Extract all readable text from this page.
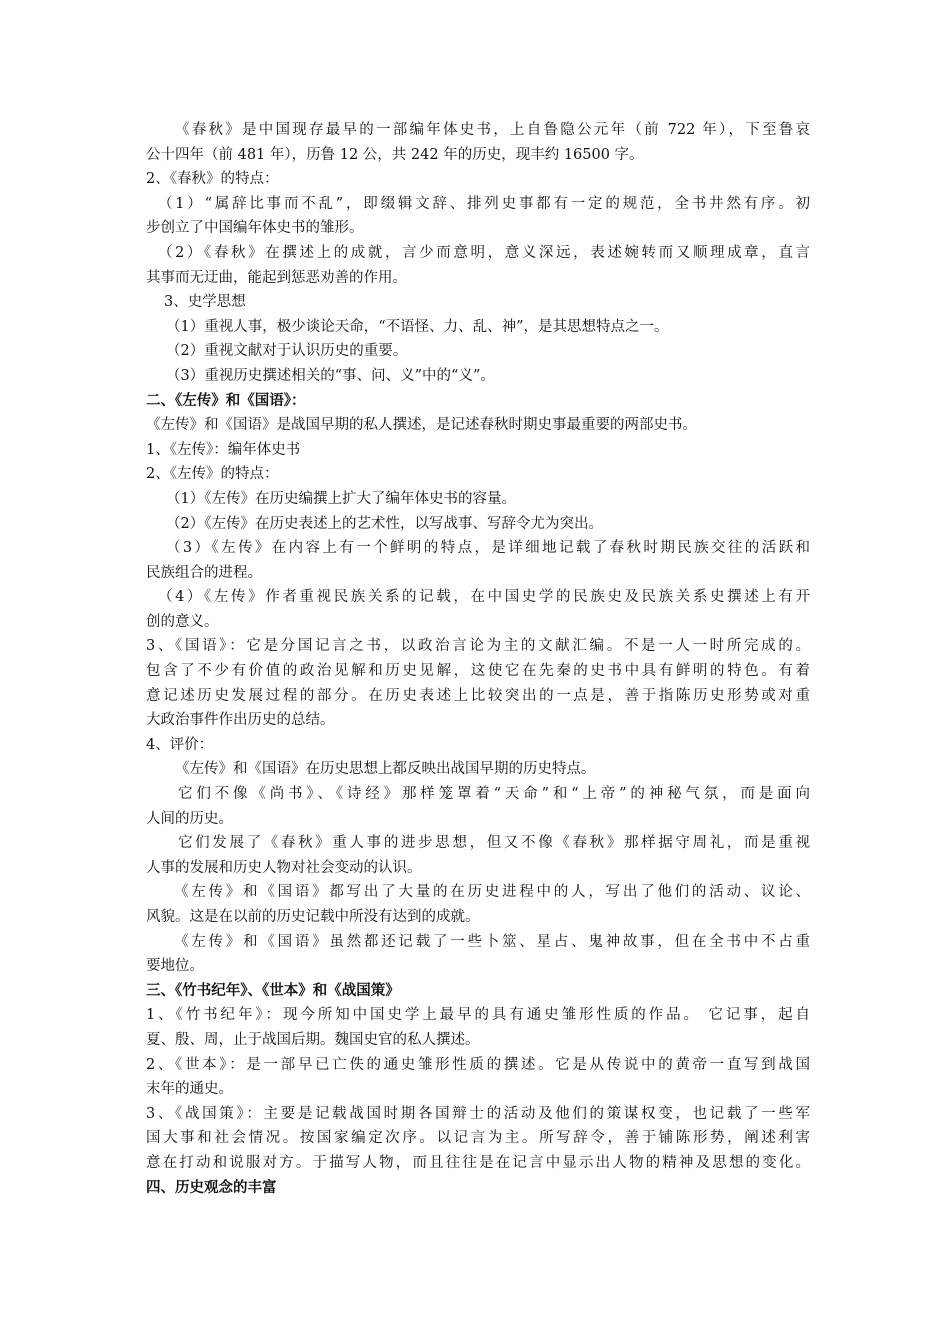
《春秋》是中国现存最早的一部编年体史书，上自鲁隐公元年（前 722 年），下至鲁哀
公十四年（前 481 年），历鲁 12 公，共 242 年的历史，现丰约 16500 字。
2、《春秋》的特点：
（1）“属辞比事而不乱”，即缀辑文辞、排列史事都有一定的规范，全书井然有序。初
步创立了中国编年体史书的雏形。
（2）《春秋》在撰述上的成就，言少而意明，意义深远，表述婉转而又顺理成章，直言
其事而无迂曲，能起到惩恶劝善的作用。
3、史学思想
（1）重视人事，极少谈论天命，“不语怪、力、乱、神”，是其思想特点之一。
（2）重视文献对于认识历史的重要。
（3）重视历史撰述相关的“事、问、义”中的“义”。
二、《左传》和《国语》：
《左传》和《国语》是战国早期的私人撰述，是记述春秋时期史事最重要的两部史书。
1、《左传》：编年体史书
2、《左传》的特点：
（1）《左传》在历史编撰上扩大了编年体史书的容量。
（2）《左传》在历史表述上的艺术性，以写战事、写辞令尤为突出。
（3）《左传》在内容上有一个鲜明的特点，是详细地记载了春秋时期民族交往的活跃和
民族组合的进程。
（4）《左传》作者重视民族关系的记载，在中国史学的民族史及民族关系史撰述上有开
创的意义。
3、《国语》：它是分国记言之书，以政治言论为主的文献汇编。不是一人一时所完成的。
包含了不少有价值的政治见解和历史见解，这使它在先秦的史书中具有鲜明的特色。有着
意记述历史发展过程的部分。在历史表述上比较突出的一点是，善于指陈历史形势或对重
大政治事件作出历史的总结。
4、评价：
《左传》和《国语》在历史思想上都反映出战国早期的历史特点。
它们不像《尚书》、《诗经》那样笼罩着“天命”和“上帝”的神秘气氛，而是面向
人间的历史。
它们发展了《春秋》重人事的进步思想，但又不像《春秋》那样据守周礼，而是重视
人事的发展和历史人物对社会变动的认识。
《左传》和《国语》都写出了大量的在历史进程中的人，写出了他们的活动、议论、
风貌。这是在以前的历史记载中所没有达到的成就。
《左传》和《国语》虽然都还记载了一些卜筮、星占、鬼神故事，但在全书中不占重
要地位。
三、《竹书纪年》、《世本》和《战国策》
1、《竹书纪年》：现今所知中国史学上最早的具有通史雏形性质的作品。 它记事，起自
夏、殷、周，止于战国后期。魏国史官的私人撰述。
2、《世本》：是一部早已亡佚的通史雏形性质的撰述。它是从传说中的黄帝一直写到战国
末年的通史。
3、《战国策》：主要是记载战国时期各国辩士的活动及他们的策谋权变，也记载了一些军
国大事和社会情况。按国家编定次序。以记言为主。所写辞令，善于铺陈形势，阐述利害
意在打动和说服对方。于描写人物，而且往往是在记言中显示出人物的精神及思想的变化。
四、历史观念的丰富
